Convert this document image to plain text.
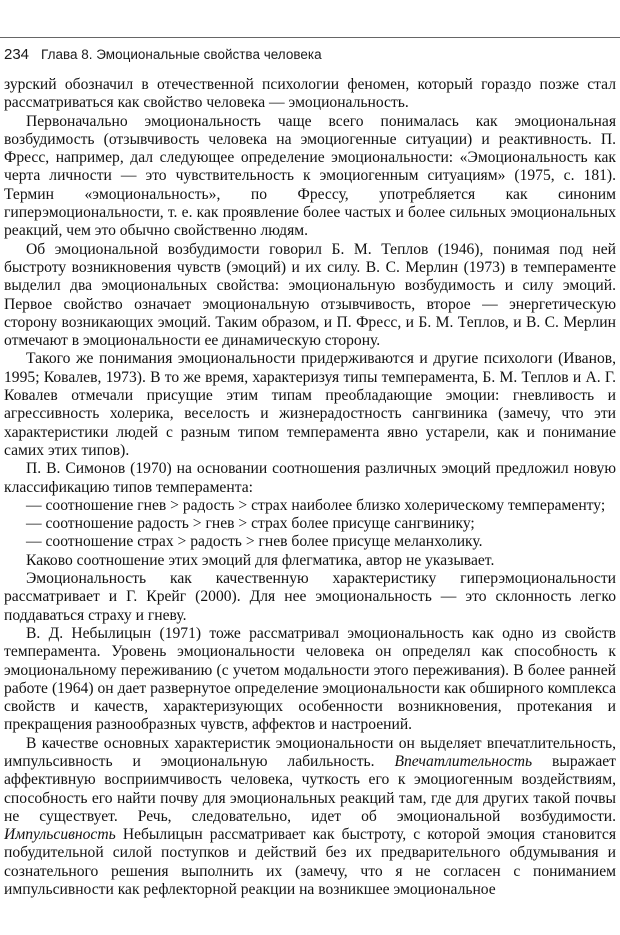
234 Глава 8. Эмоциональные свойства человека

зурский обозначил в отечественной психологии феномен, который гораздо позже стал рассматриваться как свойство человека — эмоциональность.

Первоначально эмоциональность чаще всего понималась как эмоциональная возбудимость (отзывчивость человека на эмоциогенные ситуации) и реактивность. П. Фресс, например, дал следующее определение эмоциональности: «Эмоциональность как черта личности — это чувствительность к эмоциогенным ситуациям» (1975, с. 181). Термин «эмоциональность», по Фрессу, употребляется как синоним гиперэмоциональности, т. е. как проявление более частых и более сильных эмоциональных реакций, чем это обычно свойственно людям.

Об эмоциональной возбудимости говорил Б. М. Теплов (1946), понимая под ней быстроту возникновения чувств (эмоций) и их силу. В. С. Мерлин (1973) в темпераменте выделил два эмоциональных свойства: эмоциональную возбудимость и силу эмоций. Первое свойство означает эмоциональную отзывчивость, второе — энергетическую сторону возникающих эмоций. Таким образом, и П. Фресс, и Б. М. Теплов, и В. С. Мерлин отмечают в эмоциональности ее динамическую сторону.

Такого же понимания эмоциональности придерживаются и другие психологи (Иванов, 1995; Ковалев, 1973). В то же время, характеризуя типы темперамента, Б. М. Теплов и А. Г. Ковалев отмечали присущие этим типам преобладающие эмоции: гневливость и агрессивность холерика, веселость и жизнерадостность сангвиника (замечу, что эти характеристики людей с разным типом темперамента явно устарели, как и понимание самих этих типов).

П. В. Симонов (1970) на основании соотношения различных эмоций предложил новую классификацию типов темперамента:

— соотношение гнев > радость > страх наиболее близко холерическому темпераменту;

— соотношение радость > гнев > страх более присуще сангвинику;

— соотношение страх > радость > гнев более присуще меланхолику.

Каково соотношение этих эмоций для флегматика, автор не указывает.

Эмоциональность как качественную характеристику гиперэмоциональности рассматривает и Г. Крейг (2000). Для нее эмоциональность — это склонность легко поддаваться страху и гневу.

В. Д. Небылицын (1971) тоже рассматривал эмоциональность как одно из свойств темперамента. Уровень эмоциональности человека он определял как способность к эмоциональному переживанию (с учетом модальности этого переживания). В более ранней работе (1964) он дает развернутое определение эмоциональности как обширного комплекса свойств и качеств, характеризующих особенности возникновения, протекания и прекращения разнообразных чувств, аффектов и настроений.

В качестве основных характеристик эмоциональности он выделяет впечатлительность, импульсивность и эмоциональную лабильность. Впечатлительность выражает аффективную восприимчивость человека, чуткость его к эмоциогенным воздействиям, способность его найти почву для эмоциональных реакций там, где для других такой почвы не существует. Речь, следовательно, идет об эмоциональной возбудимости. Импульсивность Небылицын рассматривает как быстроту, с которой эмоция становится побудительной силой поступков и действий без их предварительного обдумывания и сознательного решения выполнить их (замечу, что я не согласен с пониманием импульсивности как рефлекторной реакции на возникшее эмоциональное
